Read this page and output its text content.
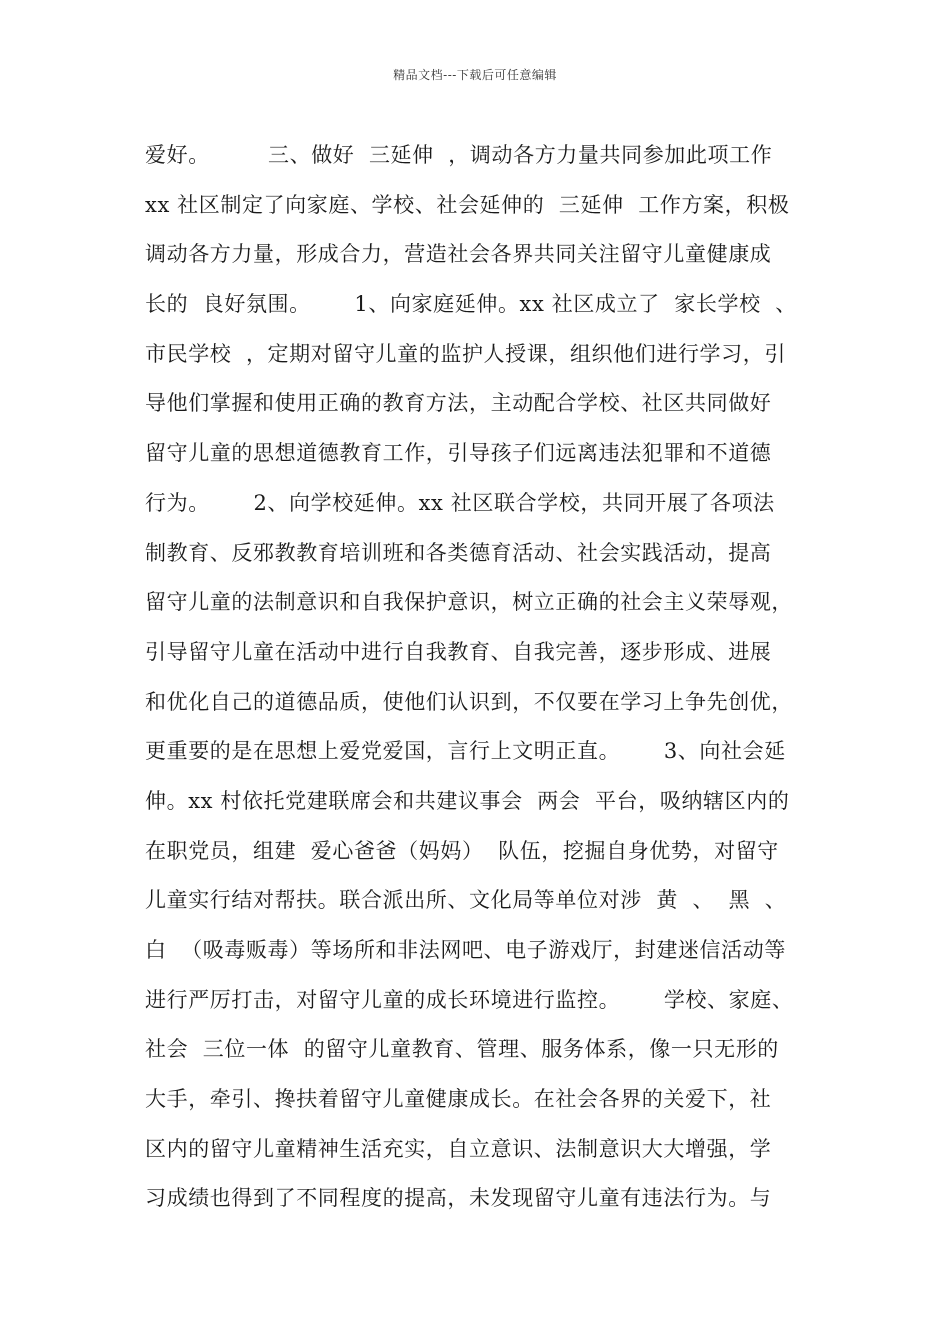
精品文档---下载后可任意编辑
爱好。        三、做好  三延伸  ，调动各方力量共同参加此项工作
xx 社区制定了向家庭、学校、社会延伸的  三延伸  工作方案，积极
调动各方力量，形成合力，营造社会各界共同关注留守儿童健康成
长的  良好氛围。      1、向家庭延伸。xx 社区成立了  家长学校  、
市民学校  ，定期对留守儿童的监护人授课，组织他们进行学习，引
导他们掌握和使用正确的教育方法，主动配合学校、社区共同做好
留守儿童的思想道德教育工作，引导孩子们远离违法犯罪和不道德
行为。      2、向学校延伸。xx 社区联合学校，共同开展了各项法
制教育、反邪教教育培训班和各类德育活动、社会实践活动，提高
留守儿童的法制意识和自我保护意识，树立正确的社会主义荣辱观，
引导留守儿童在活动中进行自我教育、自我完善，逐步形成、进展
和优化自己的道德品质，使他们认识到，不仅要在学习上争先创优，
更重要的是在思想上爱党爱国，言行上文明正直。      3、向社会延
伸。xx 村依托党建联席会和共建议事会  两会  平台，吸纳辖区内的
在职党员，组建  爱心爸爸（妈妈）  队伍，挖掘自身优势，对留守
儿童实行结对帮扶。联合派出所、文化局等单位对涉  黄  、  黑  、
白  （吸毒贩毒）等场所和非法网吧、电子游戏厅，封建迷信活动等
进行严厉打击，对留守儿童的成长环境进行监控。      学校、家庭、
社会  三位一体  的留守儿童教育、管理、服务体系，像一只无形的
大手，牵引、搀扶着留守儿童健康成长。在社会各界的关爱下，社
区内的留守儿童精神生活充实，自立意识、法制意识大大增强，学
习成绩也得到了不同程度的提高，未发现留守儿童有违法行为。与
